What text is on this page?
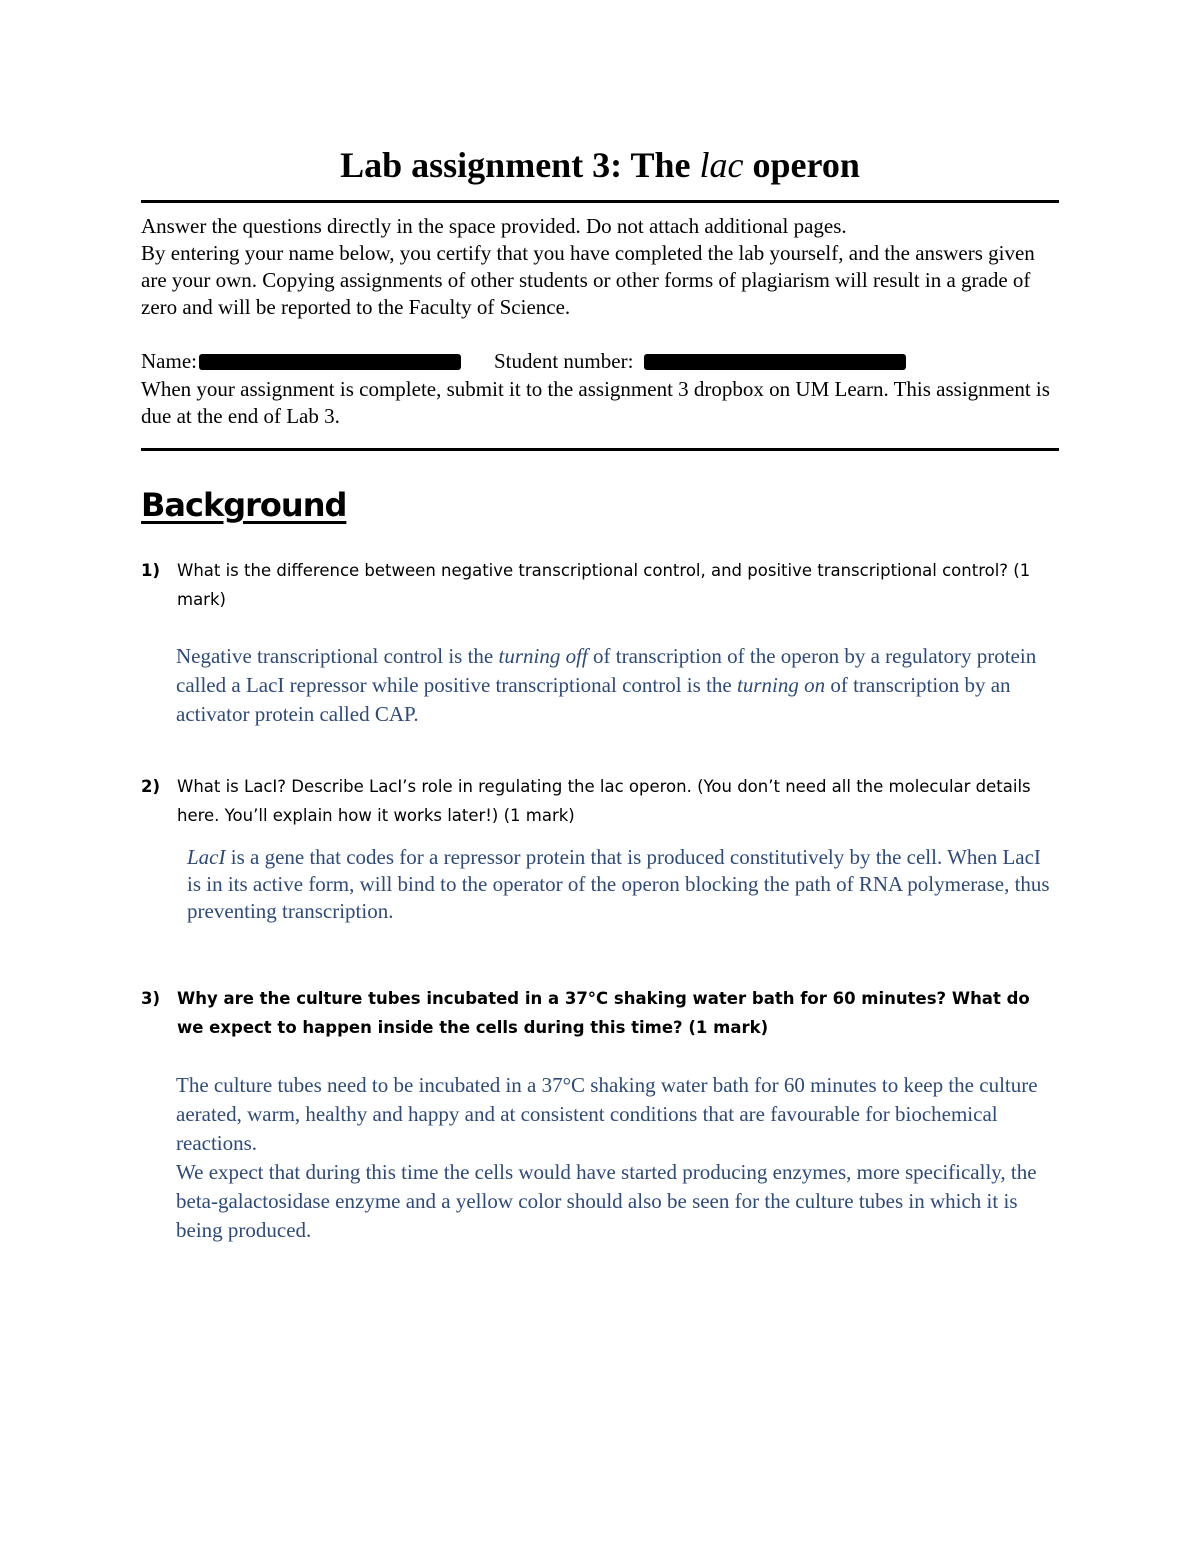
Lab assignment 3: The lac operon

Answer the questions directly in the space provided. Do not attach additional pages.

By entering your name below, you certify that you have completed the lab yourself, and the answers given are your own. Copying assignments of other students or other forms of plagiarism will result in a grade of zero and will be reported to the Faculty of Science.

Name:	Student number:

When your assignment is complete, submit it to the assignment 3 dropbox on UM Learn. This assignment is due at the end of Lab 3.

Background
1) What is the difference between negative transcriptional control, and positive transcriptional control? (1 mark)

Negative transcriptional control is the turning off of transcription of the operon by a regulatory protein called a LacI repressor while positive transcriptional control is the turning on of transcription by an activator protein called CAP.

2) What is LacI? Describe LacI’s role in regulating the lac operon. (You don’t need all the molecular details here. You’ll explain how it works later!) (1 mark)

LacI is a gene that codes for a repressor protein that is produced constitutively by the cell. When LacI is in its active form, will bind to the operator of the operon blocking the path of RNA polymerase, thus preventing transcription.

3) Why are the culture tubes incubated in a 37°C shaking water bath for 60 minutes? What do we expect to happen inside the cells during this time? (1 mark)

The culture tubes need to be incubated in a 37°C shaking water bath for 60 minutes to keep the culture aerated, warm, healthy and happy and at consistent conditions that are favourable for biochemical reactions.

We expect that during this time the cells would have started producing enzymes, more specifically, the beta-galactosidase enzyme and a yellow color should also be seen for the culture tubes in which it is being produced.
